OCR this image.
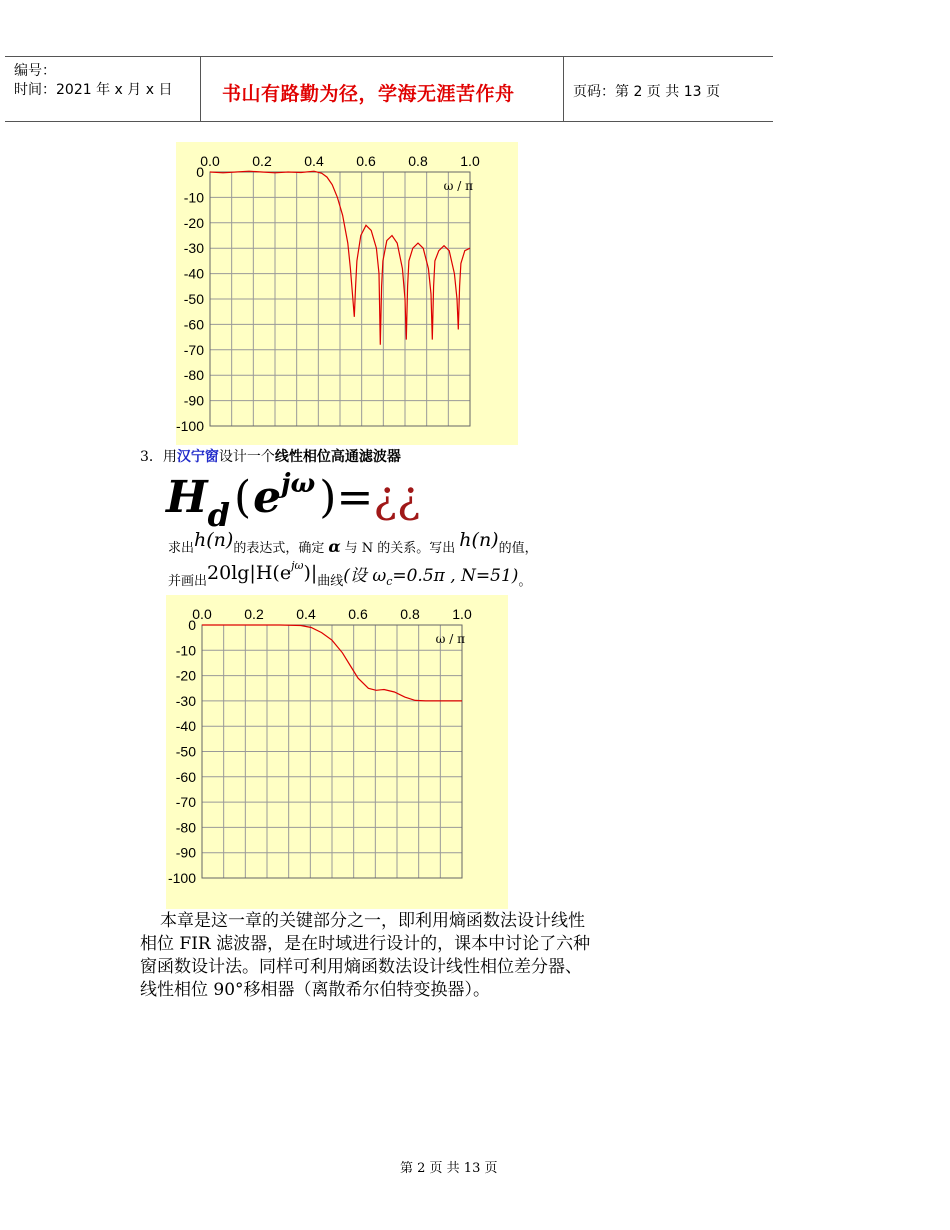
编号：
时间：2021 年 x 月 x 日	书山有路勤为径，学海无涯苦作舟	页码：第 2 页 共 13 页
0.0 0.2 0.4 0.6 0.8 1.0
0
-10
-20
-30
-40
-50
-60
-70
-80
-90
-100
ω / π
3．用汉宁窗设计一个线性相位高通滤波器
Hd(ejω)=¿¿
求出h(n)的表达式，确定 α 与 N 的关系。写出 h(n)的值，
并画出$20\lg|H(e^{j\omega})|$曲线(设 ωc=0.5π , N=51)。
0.0 0.2 0.4 0.6 0.8 1.0
0
-10
-20
-30
-40
-50
-60
-70
-80
-90
-100
ω / π
本章是这一章的关键部分之一，即利用熵函数法设计线性
相位 FIR 滤波器，是在时域进行设计的，课本中讨论了六种
窗函数设计法。同样可利用熵函数法设计线性相位差分器、
线性相位 90°移相器（离散希尔伯特变换器）。
第 2 页 共 13 页
